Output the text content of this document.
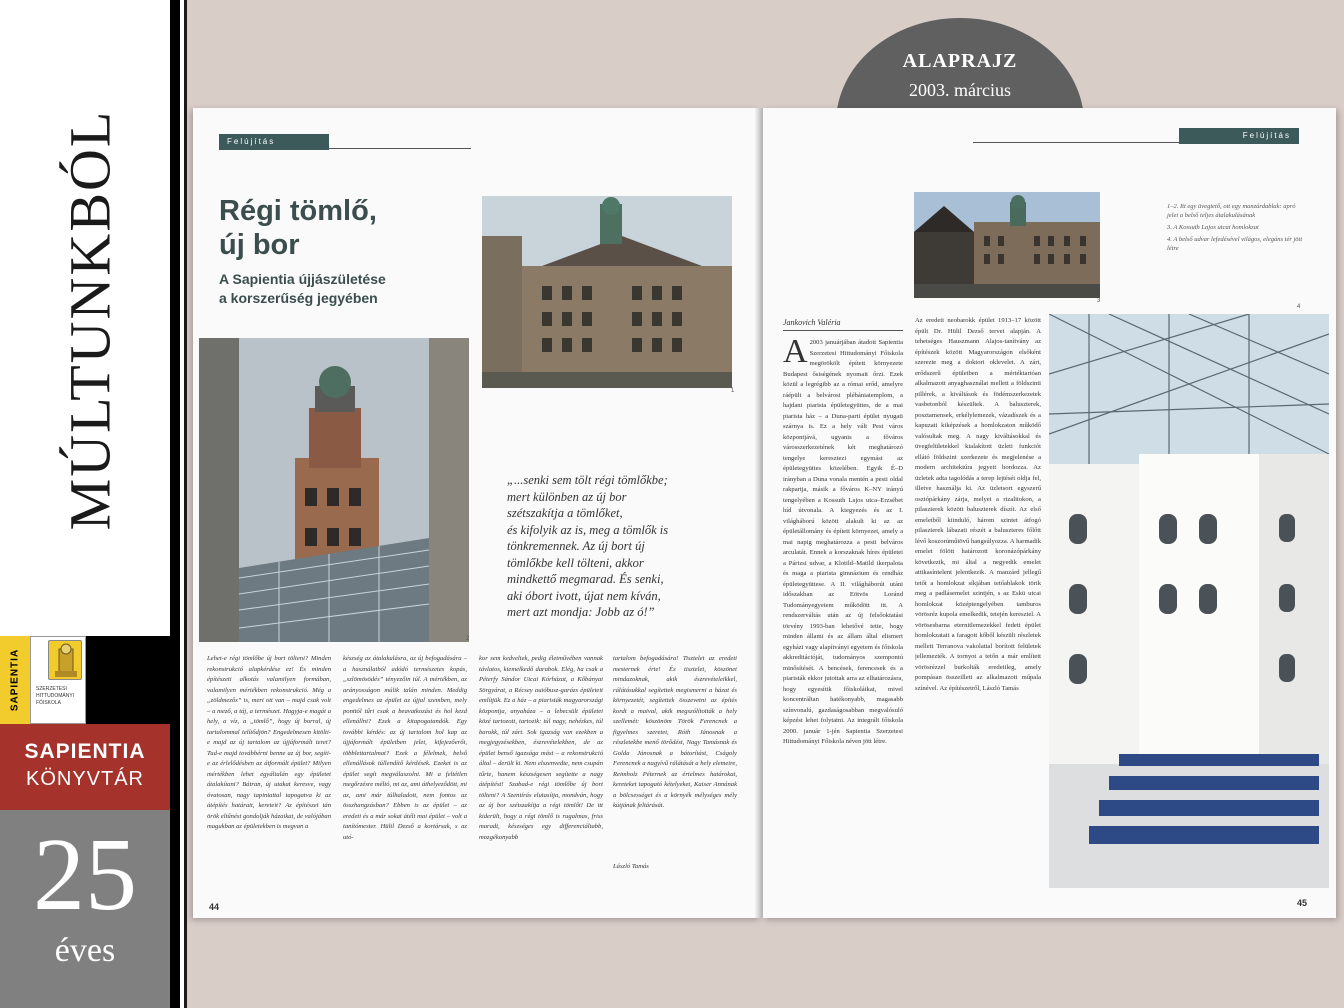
MÚLTUNKBÓL
SAPIENTIA	SZERZETESI HITTUDOMÁNYI FŐISKOLA
SAPIENTIA
KÖNYVTÁR
25
éves
ALAPRAJZ
2003. március
Felújítás
Régi tömlő,
új bor
A Sapientia újjászületése
a korszerűség jegyében
1
2
„...senki sem tölt régi tömlőkbe;
mert különben az új bor
szétszakítja a tömlőket,
és kifolyik az is, meg a tömlők is
tönkremennek. Az új bort új
tömlőkbe kell tölteni, akkor
mindkettő megmarad. És senki,
aki óbort ivott, újat nem kíván,
mert azt mondja: Jobb az ó!”
Lehet-e régi tömlőbe új bort tölteni? Minden rekonstrukció alapkérdése ez! És minden építészeti alkotás valamilyen formában, valamilyen mértékben rekonstrukció. Még a „zöldmezős” is, mert ott van – majd csak volt – a mező, a táj, a természet. Hagyja-e magát a hely, a víz, a „tömlő”, hogy új borral, új tartalommal telítődjön? Engedelmesen kitölti-e majd az új tartalom az újjáformált teret? Tud-e majd továbbérni benne az új bor, segíti-e az érlelődésben az átformált épület? Milyen mértékben lehet egyáltalán egy épületet átalakítani? Bátran, új utakat keresve, vagy óvatosan, nagy tapintattal tapogatva ki az átépítés határait, kereteit? Az építészet tán örök eltűnést gondolják házaikat, de valójában magukban az épületekben is megvan a
készség az átalakulásra, az új befogadására – a használatból adódó természetes kopás, „szlömösödés” tényezőin túl. A mértékben, az arányosságon múlik talán minden. Meddig engedelmes az épület az újjal szemben, mely ponttól tűri csak a beavatkozást és hol kezd ellenállni? Ezek a kitapogatandók. Egy további kérdés: az új tartalom hol kap az újjáformált épületben jelet, kifejezőerőt, többlettartalmat? Ezek a félelmek, belső ellenállások túllendítő kérdések. Ezeket is az épület segít megválaszolni. Mi a feltétlen megőrzésre méltó, mi az, ami áthelyeződött, mi az, ami már túlhaladott, nem fontos az összhangzásban? Ebben is az épület – az eredeti és a már sokat átélt mai épület – volt a tanítómester. Hültl Dezső a kortársak, s az utó-
kor sem kedveltek, pedig életművében vannak távlatos, kiemelkedő darabok. Elég, ha csak a Péterfy Sándor Utcai Kórházat, a Kőbányai Sörgyárat, a Récsey autóbusz-garázs épületeit említjük. Ez a ház – a piaristák magyarországi központja, anyaháza – a lebecsült épületei közé tartozott, tartozik: túl nagy, nehézkes, túl barokk, túl zárt. Sok igazság van ezekben a megjegyzésekben, észrevételekben, de az épület benső igazsága mást – a rekonstrukció által – derült ki. Nem elszenvedte, nem csupán tűrte, hanem készségesen segítette a nagy átépítést! Szabad-e régi tömlőbe új bort tölteni? A Szentírás elutasítja, mondván, hogy az új bor szétszakítja a régi tömlőt! De itt kiderült, hogy a régi tömlő is rugalmas, friss maradt, készséges egy differenciáltabb, mozgékonyabb
tartalom befogadására! Tisztelet az eredeti mesternek érte! És tisztelet, köszönet mindazoknak, akik észrevételeikkel, rálátásukkal segítettek megismerni a házat és környezetét, segítettek összevetni az építés kordt a maival, akik megszólították a hely szellemét: köszönöm Török Ferencnek a figyelmes szeretet, Róth Jánosnak a részletekbe menő törődést, Nagy Tamásnak és Golda Jánosnak a bátorítást, Cságoly Ferencnek a nagyívű rálátását a hely elemeire, Reimholz Péternek az értelmes határokat, kereteket tapogató kételyeket, Kaiser Annának a bölcsességet és a környék mélységes mély kútjának feltárását.
László Tamás
44
Felújítás
3

1–2. Itt egy üvegtető, ott egy manzárdablak: apró jelei a belső teljes átalakulásának

3. A Kossuth Lajos utcai homlokzat

4. A belső udvar lefedésével világos, elegáns tér jött létre

4
Jankovich Valéria
A 2003 januárjában átadott Sapientia Szerzetesi Hittudományi Főiskola megörökölt épített környezete Budapest ősiségének nyomait őrzi. Ezek közül a legrégibb az a római erőd, amelyre ráépült a belvárosi plébániatemplom, a hajdani piarista épületegyüttes, de a mai piarista ház – a Duna-parti épület nyugati szárnya is. Ez a hely vált Pest város központjává, ugyanis a főváros városszerkezetének két meghatározó tengelye keresztezi egymást az épületegyüttes közelében. Egyik É–D irányban a Duna vonala mentén a pesti oldal rakpartja, másik a főváros K–NY irányú tengelyében a Kossuth Lajos utca–Erzsébet híd útvonala. A kiegyezés és az I. világháború között alakult ki az az épületállomány és épített környezet, amely a mai napig meghatározza a pesti belváros arculatát. Ennek a korszaknak híres épületei a Párizsi udvar, a Klotild–Matild ikerpalota és maga a piarista gimnázium és rendház épületegyüttese. A II. világháborúi utáni időszakban az Eötvös Loránd Tudományegyetem működött itt. A rendszerváltás után az új felsőoktatási törvény 1993-ban lehetővé tette, hogy minden állami és az állam által elismert egyházi vagy alapítványi egyetem és főiskola akkreditációját, tudományos szempontú minősítését. A bencések, ferencesek és a piaristák ekkor jutottak arra az elhatározásra, hogy egyesítik főiskoláikat, mivel koncentráltan hatékonyabb, magasabb színvonalú, gazdaságosabban megvalósuló képzést lehet folytatni. Az integrált főiskola 2000. január 1-jén Sapientia Szerzetesi Hittudományi Főiskola néven jött létre.
Az eredeti neobarokk épület 1913–17 között épült Dr. Hültl Dezső tervei alapján. A tehetséges Hauszmann Alajos-tanítvány az építészek között Magyarországon elsőként szerezte meg a doktori oklevelet. A zárt, erődszerű épületben a mértéktartóan alkalmazott anyaghasználat mellett a földszinti pillérek, a kiváltások és födémszerkezetek vasbetonból készültek. A baluszterek, posztamensek, erkélylemezek, vázadíszek és a kapuzati kiképzések a homlokzaton működő valósultak meg. A nagy kiváltásokkal és üvegfelületekkel kialakított üzleti funkciót ellátó földszint szerkezete és megjelenése a modern architektúra jegyeit hordozza. Az üzletek adta tagolódás a terep lejtését oldja fel, illetve használja ki. Az üzletsort egyszerű osztópárkány zárja, melyet a rizalitokon, a pilaszterek között baluszterek díszít. Az első emeletből kiinduló, három szintet átfogó pilaszterek lábazati részét a baluszteres főlőtt lévő koszorúműtövű hangsúlyozza. A harmadik emelet fölött határozott koronázópárkány következik, mi által a negyedik emelet attikasíntelent jelentkezik. A manzárd jellegű tetőt a homlokzat síkjában tetőablakok törik meg a padlásemelet szintjén, s az Eskü utcai homlokzat középtengelyében tamburos vörösréz kupola emelkedik, tetején keresztel. A vörösesbarna eternitlemezekkel fedett épület homlokzatait a faragott kőből készült részletek mellett Terranova vakolattal borított felületek jellemezték. A tornyot a tetőn a már említett vörösrézzel burkolták eredetileg, amely pompásan összeillett az alkalmazott műpala színével. Az építészetről, László Tamás
45
